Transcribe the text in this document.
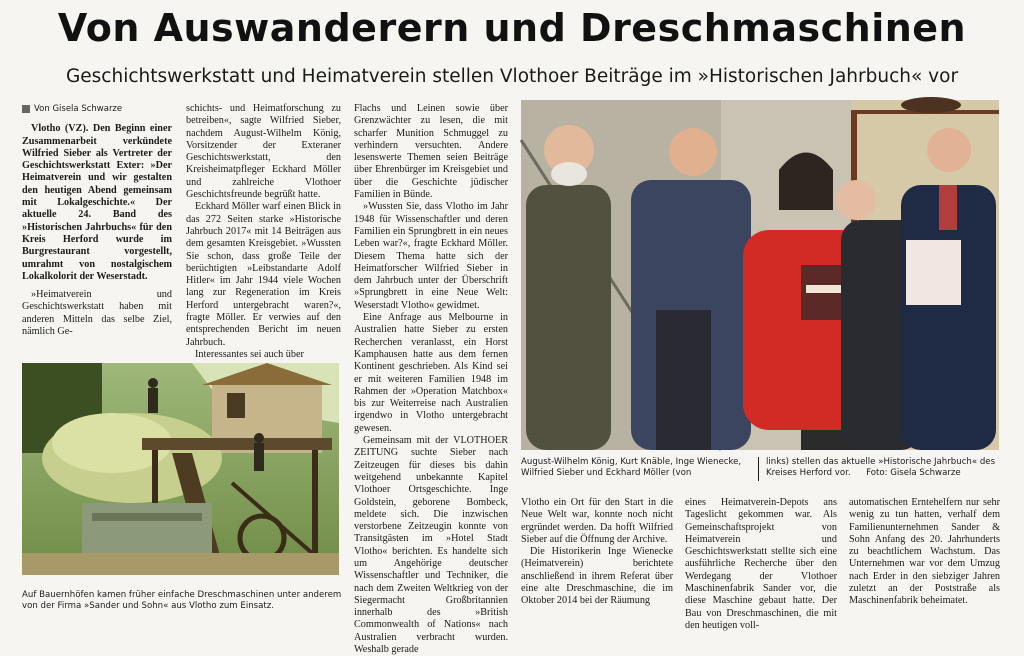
Von Auswanderern und Dreschmaschinen
Geschichtswerkstatt und Heimatverein stellen Vlothoer Beiträge im »Historischen Jahrbuch« vor
Von Gisela Schwarze

Vlotho (VZ). Den Beginn einer Zusammenarbeit verkündete Wilfried Sieber als Vertreter der Geschichtswerkstatt Exter: »Der Heimatverein und wir gestalten den heutigen Abend gemeinsam mit Lokalgeschichte.« Der aktuelle 24. Band des »Historischen Jahrbuchs« für den Kreis Herford wurde im Burgrestaurant vorgestellt, umrahmt von nostalgischem Lokalkolorit der Weserstadt.

»Heimatverein und Geschichtswerkstatt haben mit anderen Mitteln das selbe Ziel, nämlich Ge-

schichts- und Heimatforschung zu betreiben«, sagte Wilfried Sieber, nachdem August-Wilhelm König, Vorsitzender der Exteraner Geschichtswerkstatt, den Kreisheimatpfleger Eckhard Möller und zahlreiche Vlothoer Geschichtsfreunde begrüßt hatte.

Eckhard Möller warf einen Blick in das 272 Seiten starke »Historische Jahrbuch 2017« mit 14 Beiträgen aus dem gesamten Kreisgebiet. »Wussten Sie schon, dass große Teile der berüchtigten »Leibstandarte Adolf Hitler« im Jahr 1944 viele Wochen lang zur Regeneration im Kreis Herford untergebracht waren?«, fragte Möller. Er verwies auf den entsprechenden Bericht im neuen Jahrbuch.

Interessantes sei auch über

Flachs und Leinen sowie über Grenzwächter zu lesen, die mit scharfer Munition Schmuggel zu verhindern versuchten. Andere lesenswerte Themen seien Beiträge über Ehrenbürger im Kreisgebiet und über die Geschichte jüdischer Familien in Bünde.

»Wussten Sie, dass Vlotho im Jahr 1948 für Wissenschaftler und deren Familien ein Sprungbrett in ein neues Leben war?«, fragte Eckhard Möller. Diesem Thema hatte sich der Heimatforscher Wilfried Sieber in dem Jahrbuch unter der Überschrift »Sprungbrett in eine Neue Welt: Weserstadt Vlotho« gewidmet.

Eine Anfrage aus Melbourne in Australien hatte Sieber zu ersten Recherchen veranlasst, ein Horst Kamphausen hatte aus dem fernen Kontinent geschrieben. Als Kind sei er mit weiteren Familien 1948 im Rahmen der »Operation Matchbox« bis zur Weiterreise nach Australien irgendwo in Vlotho untergebracht gewesen.

Gemeinsam mit der VLOTHOER ZEITUNG suchte Sieber nach Zeitzeugen für dieses bis dahin weitgehend unbekannte Kapitel Vlothoer Ortsgeschichte. Inge Goldstein, geborene Bombeck, meldete sich. Die inzwischen verstorbene Zeitzeugin konnte von Transitgästen im »Hotel Stadt Vlotho« berichten. Es handelte sich um Angehörige deutscher Wissenschaftler und Techniker, die nach dem Zweiten Weltkrieg von der Siegermacht Großbritannien innerhalb des »British Commonwealth of Nations« nach Australien verbracht wurden. Weshalb gerade

Auf Bauernhöfen kamen früher einfache Dreschmaschinen unter anderem von der Firma »Sander und Sohn« aus Vlotho zum Einsatz.
August-Wilhelm König, Kurt Knäble, Inge Wienecke, Wilfried Sieber und Eckhard Möller (von
links) stellen das aktuelle »Historische Jahrbuch« des Kreises Herford vor. Foto: Gisela Schwarze

Vlotho ein Ort für den Start in die Neue Welt war, konnte noch nicht ergründet werden. Da hofft Wilfried Sieber auf die Öffnung der Archive.

Die Historikerin Inge Wienecke (Heimatverein) berichtete anschließend in ihrem Referat über eine alte Dreschmaschine, die im Oktober 2014 bei der Räumung

eines Heimatverein-Depots ans Tageslicht gekommen war. Als Gemeinschaftsprojekt von Heimatverein und Geschichtswerkstatt stellte sich eine ausführliche Recherche über den Werdegang der Vlothoer Maschinenfabrik Sander vor, die diese Maschine gebaut hatte. Der Bau von Dreschmaschinen, die mit den heutigen voll-

automatischen Erntehelfern nur sehr wenig zu tun hatten, verhalf dem Familienunternehmen Sander & Sohn Anfang des 20. Jahrhunderts zu beachtlichem Wachstum. Das Unternehmen war vor dem Umzug nach Erder in den siebziger Jahren zuletzt an der Poststraße als Maschinenfabrik beheimatet.
